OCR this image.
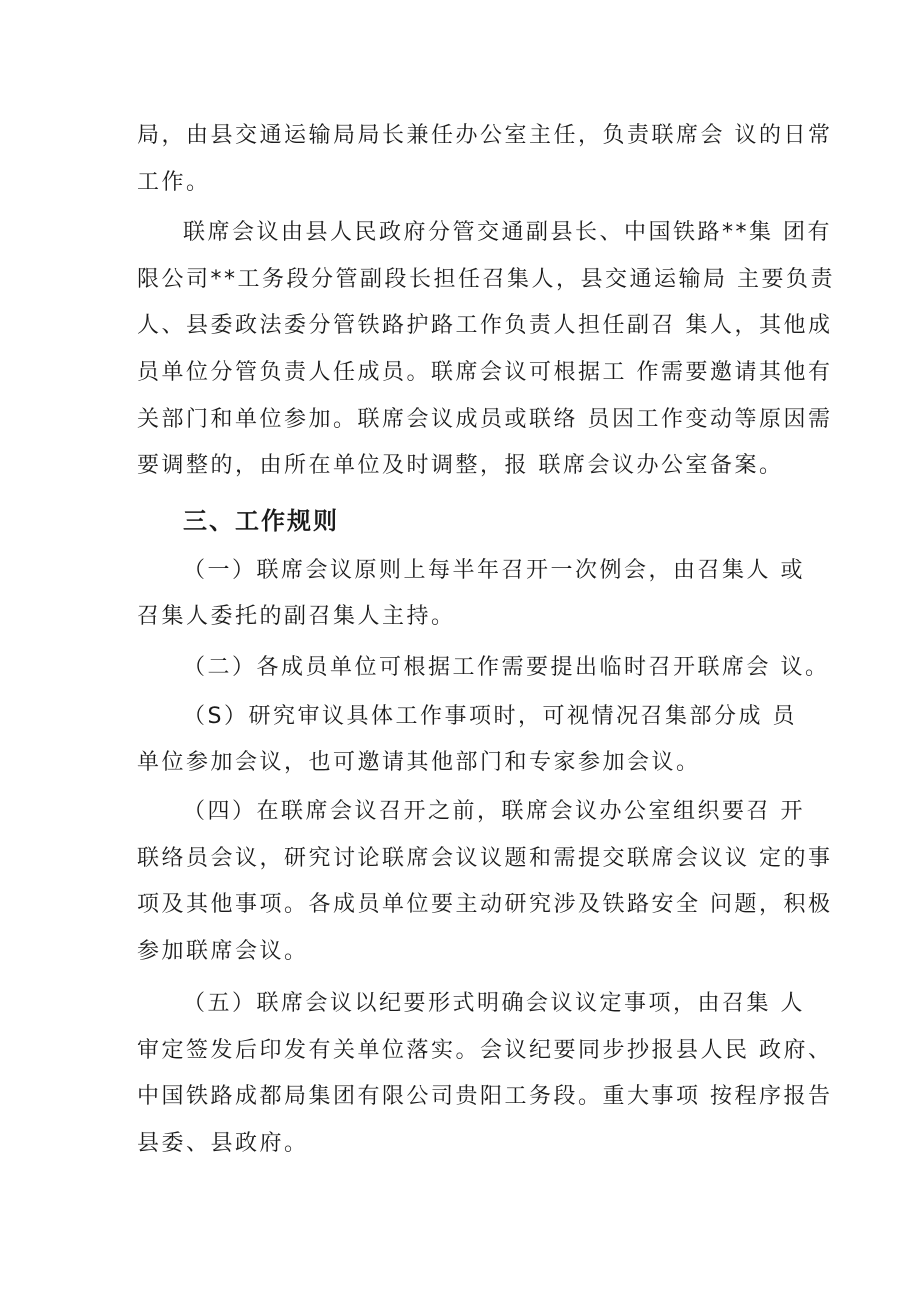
局，由县交通运输局局长兼任办公室主任，负责联席会 议的日常
工作。
联席会议由县人民政府分管交通副县长、中国铁路**集 团有
限公司**工务段分管副段长担任召集人，县交通运输局 主要负责
人、县委政法委分管铁路护路工作负责人担任副召 集人，其他成
员单位分管负责人任成员。联席会议可根据工 作需要邀请其他有
关部门和单位参加。联席会议成员或联络 员因工作变动等原因需
要调整的，由所在单位及时调整，报 联席会议办公室备案。
三、工作规则
（一）联席会议原则上每半年召开一次例会，由召集人 或
召集人委托的副召集人主持。
（二）各成员单位可根据工作需要提出临时召开联席会 议。
（S）研究审议具体工作事项时，可视情况召集部分成 员
单位参加会议，也可邀请其他部门和专家参加会议。
（四）在联席会议召开之前，联席会议办公室组织要召 开
联络员会议，研究讨论联席会议议题和需提交联席会议议 定的事
项及其他事项。各成员单位要主动研究涉及铁路安全 问题，积极
参加联席会议。
（五）联席会议以纪要形式明确会议议定事项，由召集 人
审定签发后印发有关单位落实。会议纪要同步抄报县人民 政府、
中国铁路成都局集团有限公司贵阳工务段。重大事项 按程序报告
县委、县政府。
